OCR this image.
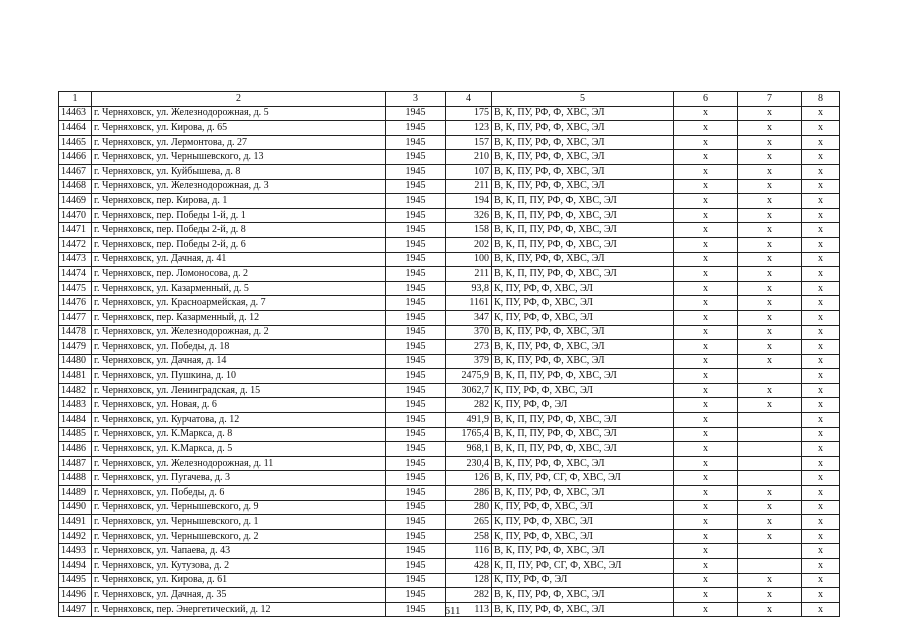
1	2	3	4	5	6	7	8
14463	г. Черняховск, ул. Железнодорожная, д. 5	1945	175	В, К, ПУ, РФ, Ф, ХВС, ЭЛ	x	x	x
14464	г. Черняховск, ул. Кирова, д. 65	1945	123	В, К, ПУ, РФ, Ф, ХВС, ЭЛ	x	x	x
14465	г. Черняховск, ул. Лермонтова, д. 27	1945	157	В, К, ПУ, РФ, Ф, ХВС, ЭЛ	x	x	x
14466	г. Черняховск, ул. Чернышевского, д. 13	1945	210	В, К, ПУ, РФ, Ф, ХВС, ЭЛ	x	x	x
14467	г. Черняховск, ул. Куйбышева, д. 8	1945	107	В, К, ПУ, РФ, Ф, ХВС, ЭЛ	x	x	x
14468	г. Черняховск, ул. Железнодорожная, д. 3	1945	211	В, К, ПУ, РФ, Ф, ХВС, ЭЛ	x	x	x
14469	г. Черняховск, пер. Кирова, д. 1	1945	194	В, К, П, ПУ, РФ, Ф, ХВС, ЭЛ	x	x	x
14470	г. Черняховск, пер. Победы 1-й, д. 1	1945	326	В, К, П, ПУ, РФ, Ф, ХВС, ЭЛ	x	x	x
14471	г. Черняховск, пер. Победы 2-й, д. 8	1945	158	В, К, П, ПУ, РФ, Ф, ХВС, ЭЛ	x	x	x
14472	г. Черняховск, пер. Победы 2-й, д. 6	1945	202	В, К, П, ПУ, РФ, Ф, ХВС, ЭЛ	x	x	x
14473	г. Черняховск, ул. Дачная, д. 41	1945	100	В, К, ПУ, РФ, Ф, ХВС, ЭЛ	x	x	x
14474	г. Черняховск, пер. Ломоносова, д. 2	1945	211	В, К, П, ПУ, РФ, Ф, ХВС, ЭЛ	x	x	x
14475	г. Черняховск, ул. Казарменный, д. 5	1945	93,8	К, ПУ, РФ, Ф, ХВС, ЭЛ	x	x	x
14476	г. Черняховск, ул. Красноармейская, д. 7	1945	1161	К, ПУ, РФ, Ф, ХВС, ЭЛ	x	x	x
14477	г. Черняховск, пер. Казарменный, д. 12	1945	347	К, ПУ, РФ, Ф, ХВС, ЭЛ	x	x	x
14478	г. Черняховск, ул. Железнодорожная, д. 2	1945	370	В, К, ПУ, РФ, Ф, ХВС, ЭЛ	x	x	x
14479	г. Черняховск, ул. Победы, д. 18	1945	273	В, К, ПУ, РФ, Ф, ХВС, ЭЛ	x	x	x
14480	г. Черняховск, ул. Дачная, д. 14	1945	379	В, К, ПУ, РФ, Ф, ХВС, ЭЛ	x	x	x
14481	г. Черняховск, ул. Пушкина, д. 10	1945	2475,9	В, К, П, ПУ, РФ, Ф, ХВС, ЭЛ	x		x
14482	г. Черняховск, ул. Ленинградская, д. 15	1945	3062,7	К, ПУ, РФ, Ф, ХВС, ЭЛ	x	x	x
14483	г. Черняховск, ул. Новая, д. 6	1945	282	К, ПУ, РФ, Ф, ЭЛ	x	x	x
14484	г. Черняховск, ул. Курчатова, д. 12	1945	491,9	В, К, П, ПУ, РФ, Ф, ХВС, ЭЛ	x		x
14485	г. Черняховск, ул. К.Маркса, д. 8	1945	1765,4	В, К, П, ПУ, РФ, Ф, ХВС, ЭЛ	x		x
14486	г. Черняховск, ул. К.Маркса, д. 5	1945	968,1	В, К, П, ПУ, РФ, Ф, ХВС, ЭЛ	x		x
14487	г. Черняховск, ул. Железнодорожная, д. 11	1945	230,4	В, К, ПУ, РФ, Ф, ХВС, ЭЛ	x		x
14488	г. Черняховск, ул. Пугачева, д. 3	1945	126	В, К, ПУ, РФ, СГ, Ф, ХВС, ЭЛ	x		x
14489	г. Черняховск, ул. Победы, д. 6	1945	286	В, К, ПУ, РФ, Ф, ХВС, ЭЛ	x	x	x
14490	г. Черняховск, ул. Чернышевского, д. 9	1945	280	К, ПУ, РФ, Ф, ХВС, ЭЛ	x	x	x
14491	г. Черняховск, ул. Чернышевского, д. 1	1945	265	К, ПУ, РФ, Ф, ХВС, ЭЛ	x	x	x
14492	г. Черняховск, ул. Чернышевского, д. 2	1945	258	К, ПУ, РФ, Ф, ХВС, ЭЛ	x	x	x
14493	г. Черняховск, ул. Чапаева, д. 43	1945	116	В, К, ПУ, РФ, Ф, ХВС, ЭЛ	x		x
14494	г. Черняховск, ул. Кутузова, д. 2	1945	428	К, П, ПУ, РФ, СГ, Ф, ХВС, ЭЛ	x		x
14495	г. Черняховск, ул. Кирова, д. 61	1945	128	К, ПУ, РФ, Ф, ЭЛ	x	x	x
14496	г. Черняховск, ул. Дачная, д. 35	1945	282	В, К, ПУ, РФ, Ф, ХВС, ЭЛ	x	x	x
14497	г. Черняховск, пер. Энергетический, д. 12	1945	113	В, К, ПУ, РФ, Ф, ХВС, ЭЛ	x	x	x
611
